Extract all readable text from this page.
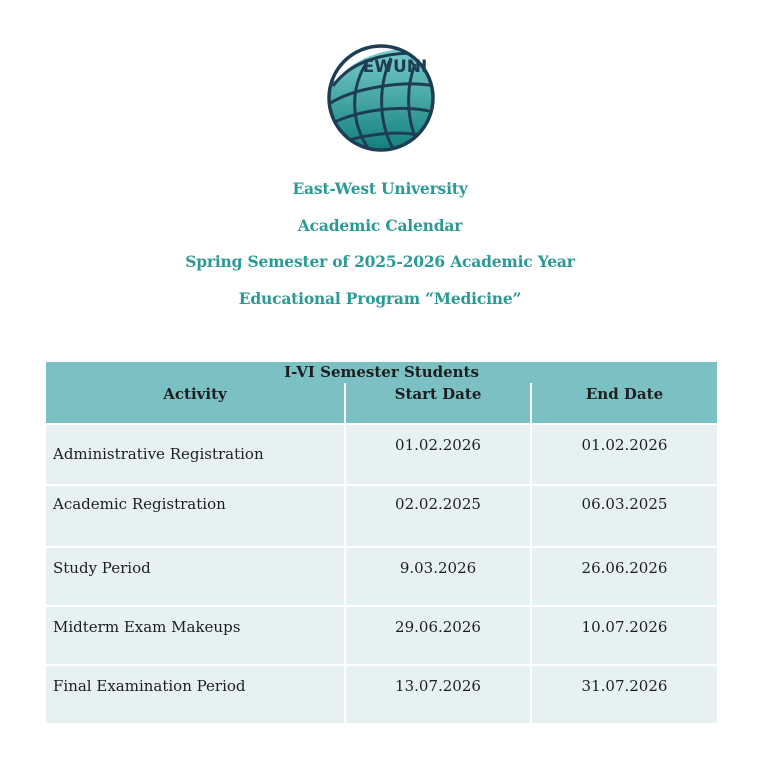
EWUNI
East-West University
Academic Calendar
Spring Semester of 2025-2026 Academic Year
Educational Program “Medicine”
I-VI Semester Students		
Activity	Start Date	End Date
Administrative Registration	01.02.2026	01.02.2026
Academic Registration	02.02.2025	06.03.2025
Study Period	9.03.2026	26.06.2026
Midterm Exam Makeups	29.06.2026	10.07.2026
Final Examination Period	13.07.2026	31.07.2026
